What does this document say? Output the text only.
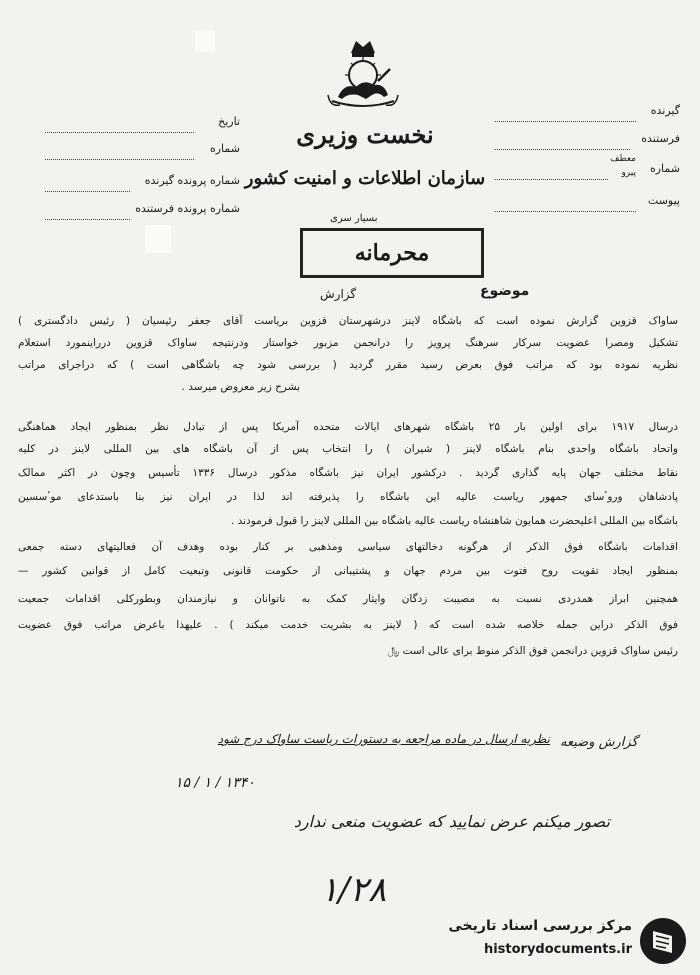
تاریخ
شماره
شماره پرونده گیرنده
شماره پرونده فرستنده
گیرنده
فرستنده
شماره
معطف
پیرو
پیوست
نخست وزیری
سازمان اطلاعات و امنیت کشور
بسیار سری
محرمانه
موضوع
گزارش
ساواک قزوین گزارش نموده است که باشگاه لاینز درشهرستان قزوین بریاست آقای جعفر رئیسیان ( رئیس دادگستری )
تشکیل ومصرا عضویت سرکار سرهنگ پرویز را درانجمن مزبور خواستار ودرنتیجه ساواک قزوین درراینمورد استعلام
نظریه نموده بود که مراتب فوق بعرض رسید مقرر گردید ( بررسی شود چه باشگاهی است ) که دراجرای مراتب
بشرح زیر معروض میرسد .
درسال ۱۹۱۷ برای اولین بار ۲۵ باشگاه شهرهای ایالات متحده آمریکا پس از تبادل نظر بمنظور ایجاد هماهنگی
واتحاد باشگاه واحدی بنام باشگاه لاینز ( شیران ) را انتخاب پس از آن باشگاه های بین المللی لاینز در کلیه
نقاط مختلف جهان پایه گذاری گردید . درکشور ایران نیز باشگاه مذکور درسال ۱۳۳۶ تأسیس وچون در اکثر ممالک
پادشاهان وروٴسای جمهور ریاست عالیه این باشگاه را پذیرفته اند لذا در ایران نیز بنا باستدعای موٴسسین
باشگاه بین المللی اعلیحضرت همایون شاهنشاه ریاست عالیه باشگاه بین المللی لاینز را قبول فرمودند .
اقدامات باشگاه فوق الذکر از هرگونه دخالتهای سیاسی ومذهبی بر کنار بوده وهدف آن فعالیتهای دسته جمعی
بمنظور ایجاد تقویت روح فتوت بین مردم جهان و پشتیبانی از حکومت قانونی وتبعیت کامل از قوانین کشور —
همچنین ابراز همدردی نسبت به مصیبت زدگان وایثار کمک به ناتوانان و نیازمندان وبطورکلی اقدامات جمعیت
فوق الذکر دراین جمله خلاصه شده است که ( لاینز به بشریت خدمت میکند ) . علیهذا باعرض مراتب فوق عضویت
رئیس ساواک قزوین درانجمن فوق الذکر منوط برای عالی است ﷼
گزارش وضیعه
نظریه ارسال در ماده مراجعه به دستورات ریاست ساواک درج شود
۱۵ / ۱ / ۱۳۴۰
تصور میکنم عرض نمایید که عضویت منعی ندارد
۱/۲۸
مرکز بررسی اسناد تاریخی
historydocuments.ir
